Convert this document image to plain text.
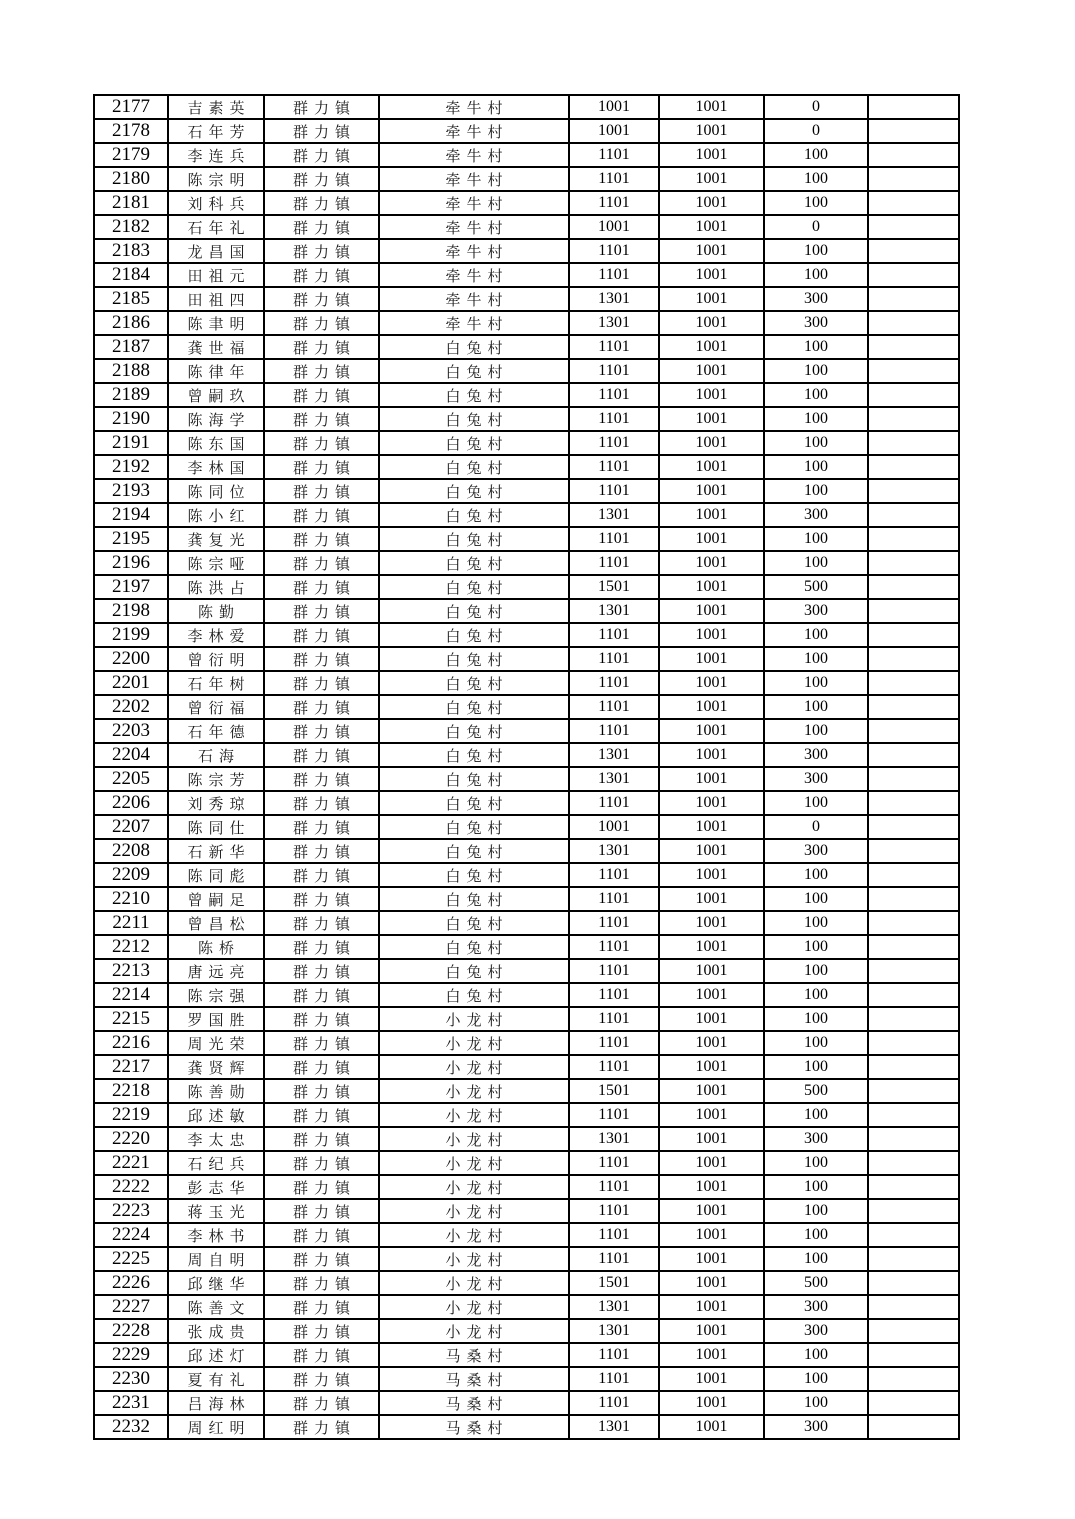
2177	吉素英	群力镇	牵牛村	1001	1001	0	
2178	石年芳	群力镇	牵牛村	1001	1001	0	
2179	李连兵	群力镇	牵牛村	1101	1001	100	
2180	陈宗明	群力镇	牵牛村	1101	1001	100	
2181	刘科兵	群力镇	牵牛村	1101	1001	100	
2182	石年礼	群力镇	牵牛村	1001	1001	0	
2183	龙昌国	群力镇	牵牛村	1101	1001	100	
2184	田祖元	群力镇	牵牛村	1101	1001	100	
2185	田祖四	群力镇	牵牛村	1301	1001	300	
2186	陈聿明	群力镇	牵牛村	1301	1001	300	
2187	龚世福	群力镇	白兔村	1101	1001	100	
2188	陈律年	群力镇	白兔村	1101	1001	100	
2189	曾嗣玖	群力镇	白兔村	1101	1001	100	
2190	陈海学	群力镇	白兔村	1101	1001	100	
2191	陈东国	群力镇	白兔村	1101	1001	100	
2192	李林国	群力镇	白兔村	1101	1001	100	
2193	陈同位	群力镇	白兔村	1101	1001	100	
2194	陈小红	群力镇	白兔村	1301	1001	300	
2195	龚复光	群力镇	白兔村	1101	1001	100	
2196	陈宗哑	群力镇	白兔村	1101	1001	100	
2197	陈洪占	群力镇	白兔村	1501	1001	500	
2198	陈勤	群力镇	白兔村	1301	1001	300	
2199	李林爱	群力镇	白兔村	1101	1001	100	
2200	曾衍明	群力镇	白兔村	1101	1001	100	
2201	石年树	群力镇	白兔村	1101	1001	100	
2202	曾衍福	群力镇	白兔村	1101	1001	100	
2203	石年德	群力镇	白兔村	1101	1001	100	
2204	石海	群力镇	白兔村	1301	1001	300	
2205	陈宗芳	群力镇	白兔村	1301	1001	300	
2206	刘秀琼	群力镇	白兔村	1101	1001	100	
2207	陈同仕	群力镇	白兔村	1001	1001	0	
2208	石新华	群力镇	白兔村	1301	1001	300	
2209	陈同彪	群力镇	白兔村	1101	1001	100	
2210	曾嗣足	群力镇	白兔村	1101	1001	100	
2211	曾昌松	群力镇	白兔村	1101	1001	100	
2212	陈桥	群力镇	白兔村	1101	1001	100	
2213	唐远亮	群力镇	白兔村	1101	1001	100	
2214	陈宗强	群力镇	白兔村	1101	1001	100	
2215	罗国胜	群力镇	小龙村	1101	1001	100	
2216	周光荣	群力镇	小龙村	1101	1001	100	
2217	龚贤辉	群力镇	小龙村	1101	1001	100	
2218	陈善勋	群力镇	小龙村	1501	1001	500	
2219	邱述敏	群力镇	小龙村	1101	1001	100	
2220	李太忠	群力镇	小龙村	1301	1001	300	
2221	石纪兵	群力镇	小龙村	1101	1001	100	
2222	彭志华	群力镇	小龙村	1101	1001	100	
2223	蒋玉光	群力镇	小龙村	1101	1001	100	
2224	李林书	群力镇	小龙村	1101	1001	100	
2225	周自明	群力镇	小龙村	1101	1001	100	
2226	邱继华	群力镇	小龙村	1501	1001	500	
2227	陈善文	群力镇	小龙村	1301	1001	300	
2228	张成贵	群力镇	小龙村	1301	1001	300	
2229	邱述灯	群力镇	马桑村	1101	1001	100	
2230	夏有礼	群力镇	马桑村	1101	1001	100	
2231	吕海林	群力镇	马桑村	1101	1001	100	
2232	周红明	群力镇	马桑村	1301	1001	300	
